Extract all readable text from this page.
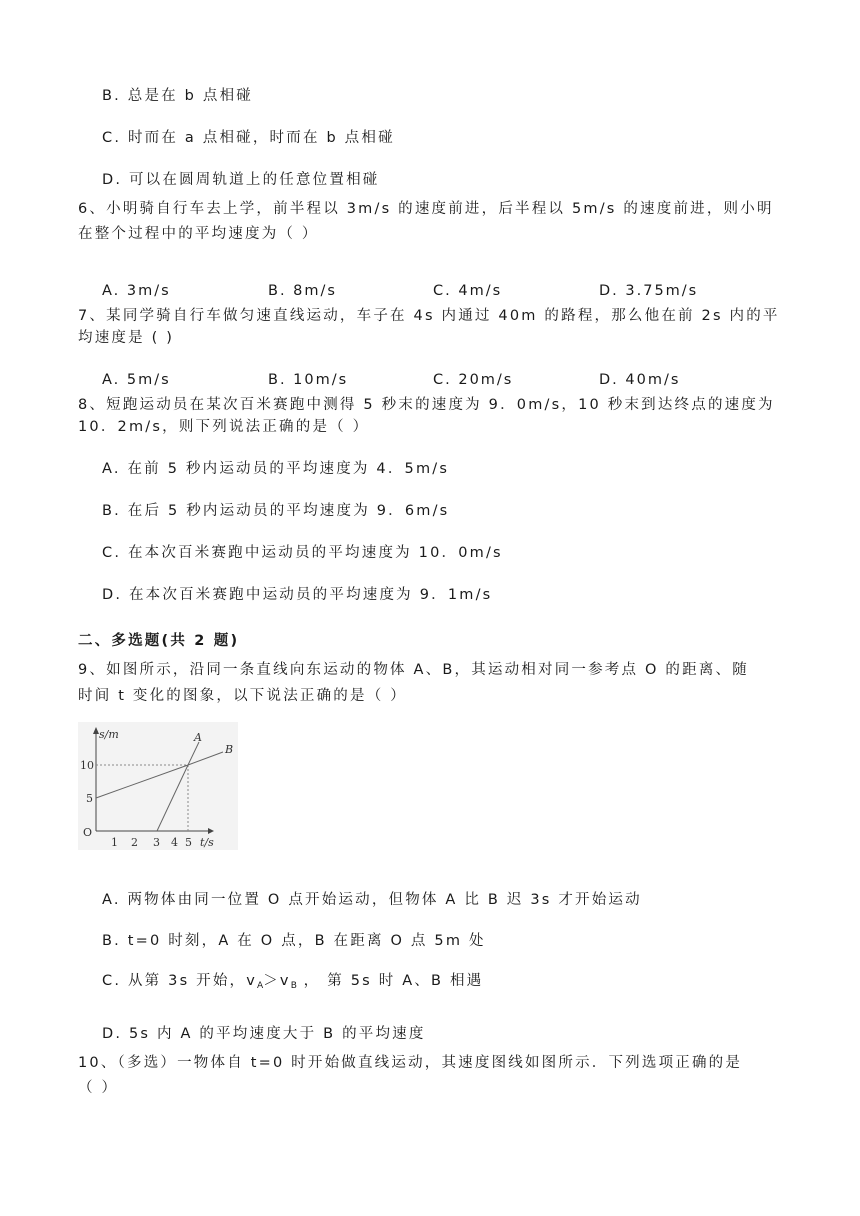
B. 总是在 b 点相碰
C. 时而在 a 点相碰，时而在 b 点相碰
D. 可以在圆周轨道上的任意位置相碰
6、小明骑自行车去上学，前半程以 3m/s 的速度前进，后半程以 5m/s 的速度前进，则小明
在整个过程中的平均速度为（ ）
A. 3m/s	B. 8m/s	C. 4m/s	D. 3.75m/s
7、某同学骑自行车做匀速直线运动，车子在 4s 内通过 40m 的路程，那么他在前 2s 内的平
均速度是 ( )
A. 5m/s	B. 10m/s	C. 20m/s	D. 40m/s
8、短跑运动员在某次百米赛跑中测得 5 秒末的速度为 9．0m/s，10 秒末到达终点的速度为
10．2m/s，则下列说法正确的是（ ）
A. 在前 5 秒内运动员的平均速度为 4．5m/s
B. 在后 5 秒内运动员的平均速度为 9．6m/s
C. 在本次百米赛跑中运动员的平均速度为 10．0m/s
D. 在本次百米赛跑中运动员的平均速度为 9．1m/s
二、多选题(共 2 题)
9、如图所示，沿同一条直线向东运动的物体 A、B，其运动相对同一参考点 O 的距离、随
时间 t 变化的图象，以下说法正确的是（ ）
s/m
t/s
O
10
5
1 2 3 4 5
A
B
A. 两物体由同一位置 O 点开始运动，但物体 A 比 B 迟 3s 才开始运动
B. t=0 时刻，A 在 O 点，B 在距离 O 点 5m 处
C. 从第 3s 开始，$v_A>v_B$ ， 第 5s 时 A、B 相遇
D. 5s 内 A 的平均速度大于 B 的平均速度
10、（多选）一物体自 t=0 时开始做直线运动，其速度图线如图所示．下列选项正确的是
（ ）
